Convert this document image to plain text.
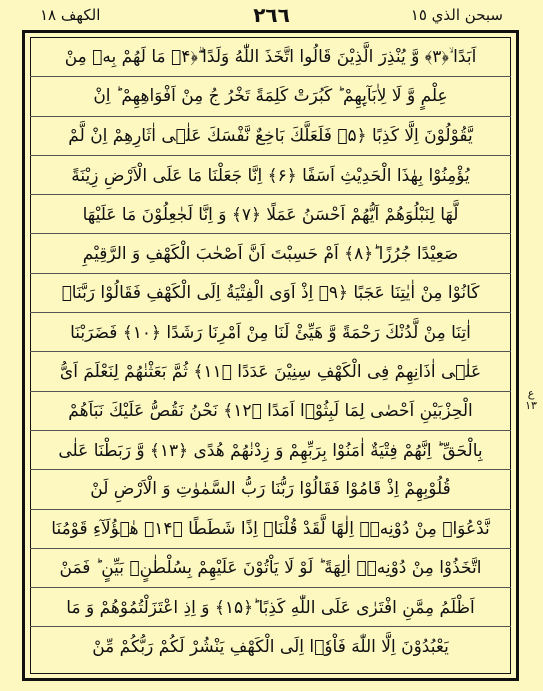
الكهف ١٨	٢٦٦	سبحن الذي ١٥
اَبَدًا ۙ﴿۳﴾ وَّ یُنْذِرَ الَّذِیْنَ قَالُوا اتَّخَذَ اللّٰهُ وَلَدًا ۗ﴿۴﴾ مَا لَهُمْ بِهٖ مِنْ
عِلْمٍ وَّ لَا لِاٰبَآىِٕهِمْ ؕ كَبُرَتْ كَلِمَةً تَخْرُ جُ مِنْ اَفْوَاهِهِمْ ؕ اِنْ
یَّقُوْلُوْنَ اِلَّا كَذِبًا ﴿۵﴾ فَلَعَلَّكَ بَاخِعٌ نَّفْسَكَ عَلٰۤى اٰثَارِهِمْ اِنْ لَّمْ
یُؤْمِنُوْا بِهٰذَا الْحَدِیْثِ اَسَفًا ﴿۶﴾ اِنَّا جَعَلْنَا مَا عَلَى الْاَرْضِ زِیْنَةً
لَّهَا لِنَبْلُوَهُمْ اَیُّهُمْ اَحْسَنُ عَمَلًا ﴿۷﴾ وَ اِنَّا لَجٰعِلُوْنَ مَا عَلَیْهَا
صَعِیْدًا جُرُزًا ؕ﴿۸﴾ اَمْ حَسِبْتَ اَنَّ اَصْحٰبَ الْكَهْفِ وَ الرَّقِیْمِ
كَانُوْا مِنْ اٰیٰتِنَا عَجَبًا ﴿۹﴾ اِذْ اَوَى الْفِتْیَةُ اِلَى الْكَهْفِ فَقَالُوْا رَبَّنَاۤ
اٰتِنَا مِنْ لَّدُنْكَ رَحْمَةً وَّ هَیِّئْ لَنَا مِنْ اَمْرِنَا رَشَدًا ﴿۱۰﴾ فَضَرَبْنَا
عَلٰۤى اٰذَانِهِمْ فِی الْكَهْفِ سِنِیْنَ عَدَدًا ﴿۱۱﴾ ثُمَّ بَعَثْنٰهُمْ لِنَعْلَمَ اَیُّ
الْحِزْبَیْنِ اَحْصٰى لِمَا لَبِثُوْۤا اَمَدًا ﴿۱۲﴾ نَحْنُ نَقُصُّ عَلَیْكَ نَبَاَهُمْ
بِالْحَقِّ ؕ اِنَّهُمْ فِتْیَةٌ اٰمَنُوْا بِرَبِّهِمْ وَ زِدْنٰهُمْ هُدًى ﴿۱۳﴾ وَّ رَبَطْنَا عَلٰى
قُلُوْبِهِمْ اِذْ قَامُوْا فَقَالُوْا رَبُّنَا رَبُّ السَّمٰوٰتِ وَ الْاَرْضِ لَنْ
نَّدْعُوَاۡ مِنْ دُوْنِهٖۤ اِلٰهًا لَّقَدْ قُلْنَاۤ اِذًا شَطَطًا ﴿۱۴﴾ هٰۤؤُلَآءِ قَوْمُنَا
اتَّخَذُوْا مِنْ دُوْنِهٖۤ اٰلِهَةً ؕ لَوْ لَا یَاْتُوْنَ عَلَیْهِمْ بِسُلْطٰنٍۭ بَیِّنٍ ؕ فَمَنْ
اَظْلَمُ مِمَّنِ افْتَرٰى عَلَى اللّٰهِ كَذِبًا ؕ﴿۱۵﴾ وَ اِذِ اعْتَزَلْتُمُوْهُمْ وَ مَا
یَعْبُدُوْنَ اِلَّا اللّٰهَ فَاْوٗۤا اِلَى الْكَهْفِ یَنْشُرْ لَكُمْ رَبُّكُمْ مِّنْ
ع ١٣
